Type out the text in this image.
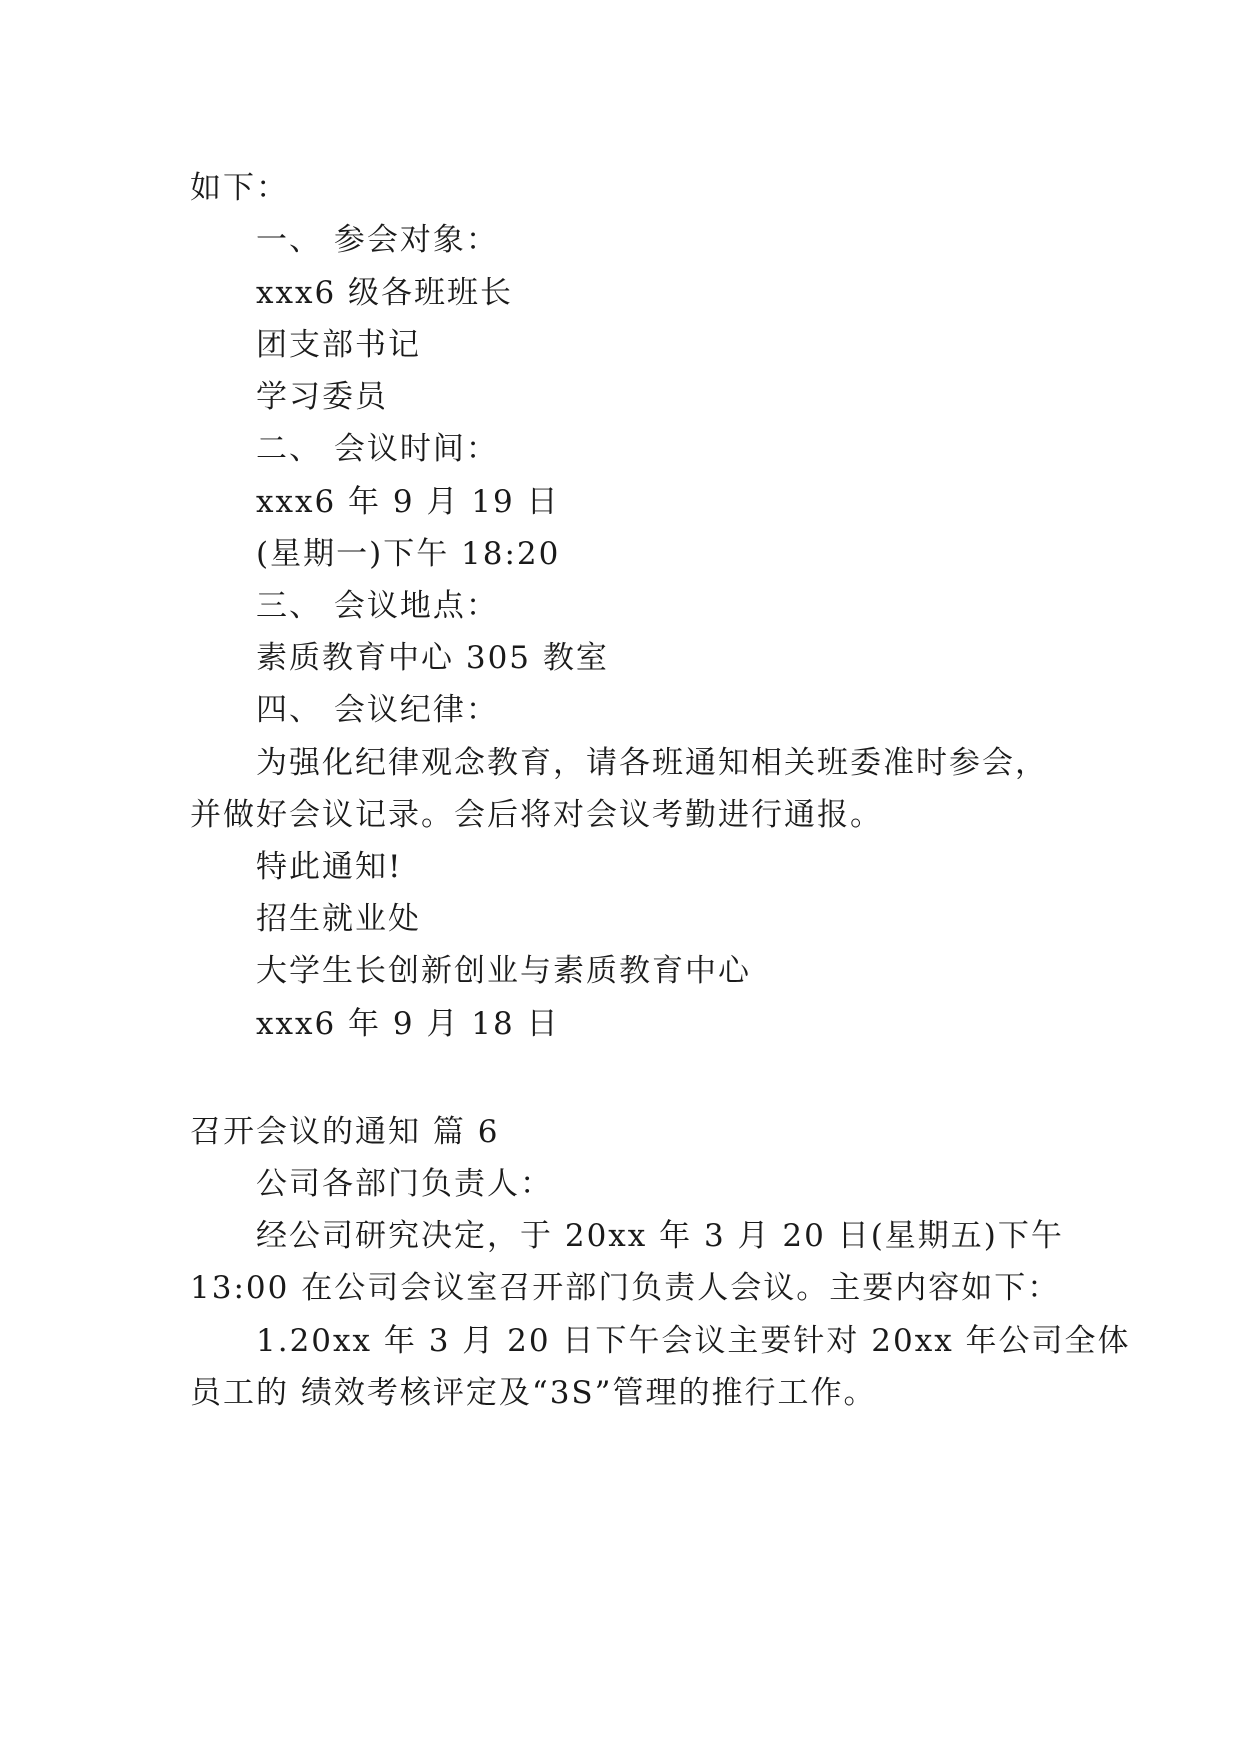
如下：
一、 参会对象：
xxx6 级各班班长
团支部书记
学习委员
二、 会议时间：
xxx6 年 9 月 19 日
(星期一)下午 18:20
三、 会议地点：
素质教育中心 305 教室
四、 会议纪律：
为强化纪律观念教育，请各班通知相关班委准时参会，
并做好会议记录。会后将对会议考勤进行通报。
特此通知!
招生就业处
大学生长创新创业与素质教育中心
xxx6 年 9 月 18 日
召开会议的通知 篇 6
公司各部门负责人：
经公司研究决定，于 20xx 年 3 月 20 日(星期五)下午
13:00 在公司会议室召开部门负责人会议。主要内容如下：
1.20xx 年 3 月 20 日下午会议主要针对 20xx 年公司全体
员工的 绩效考核评定及“3S”管理的推行工作。
